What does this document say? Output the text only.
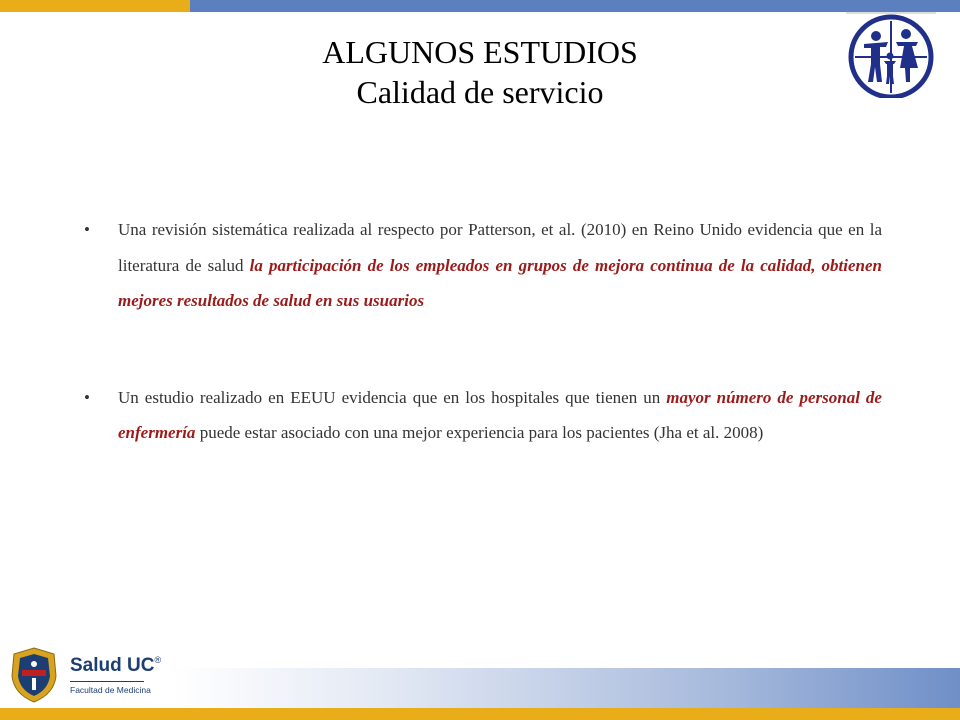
ALGUNOS ESTUDIOS
Calidad de servicio
• Una revisión sistemática realizada al respecto por Patterson, et al. (2010) en Reino Unido evidencia que en la literatura de salud la participación de los empleados en grupos de mejora continua de la calidad, obtienen mejores resultados de salud en sus usuarios
• Un estudio realizado en EEUU evidencia que en los hospitales que tienen un mayor número de personal de enfermería puede estar asociado con una mejor experiencia para los pacientes (Jha et al. 2008)
Salud UC®
Facultad de Medicina
